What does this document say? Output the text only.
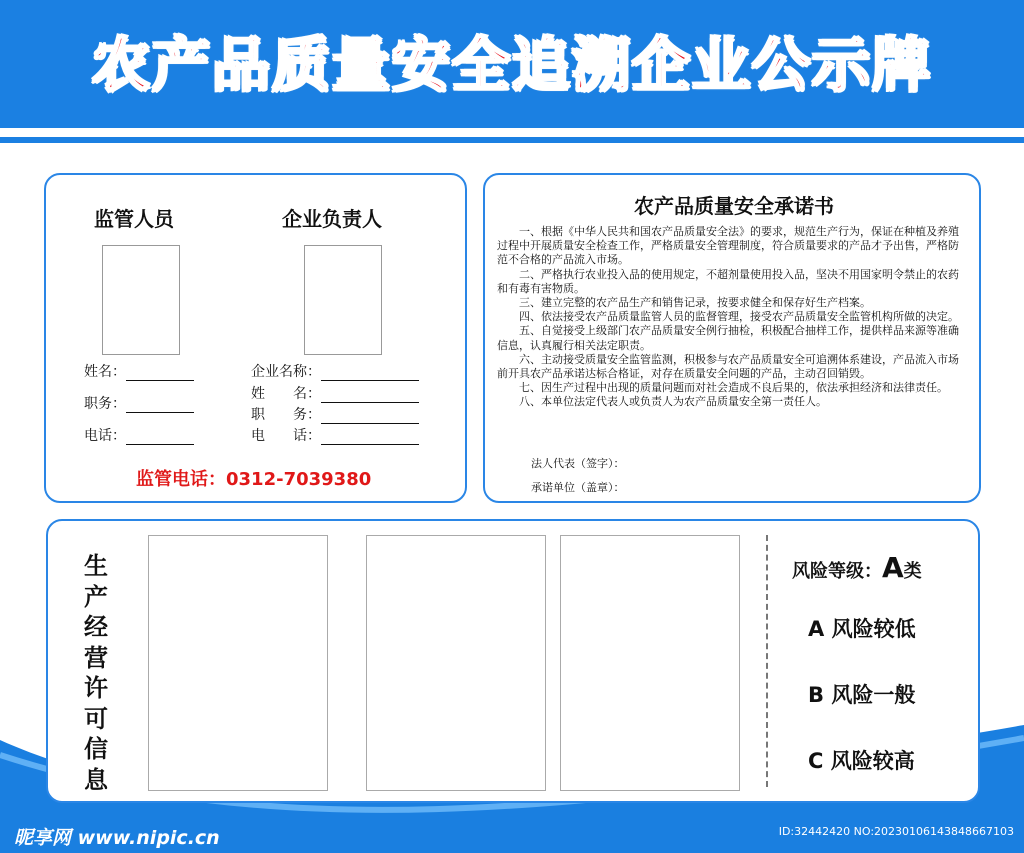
农产品质量安全追溯企业公示牌
监管人员	企业负责人
姓名：
职务：
电话：
企业名称：
姓　　名：
职　　务：
电　　话：
监管电话：0312-7039380
农产品质量安全承诺书

一、根据《中华人民共和国农产品质量安全法》的要求，规范生产行为，保证在种植及养殖过程中开展质量安全检查工作，严格质量安全管理制度，符合质量要求的产品才予出售，严格防范不合格的产品流入市场。

二、严格执行农业投入品的使用规定，不超剂量使用投入品，坚决不用国家明令禁止的农药和有毒有害物质。

三、建立完整的农产品生产和销售记录，按要求健全和保存好生产档案。

四、依法接受农产品质量监管人员的监督管理，接受农产品质量安全监管机构所做的决定。

五、自觉接受上级部门农产品质量安全例行抽检，积极配合抽样工作，提供样品来源等准确信息，认真履行相关法定职责。

六、主动接受质量安全监管监测，积极参与农产品质量安全可追溯体系建设，产品流入市场前开具农产品承诺达标合格证，对存在质量安全问题的产品，主动召回销毁。

七、因生产过程中出现的质量问题而对社会造成不良后果的，依法承担经济和法律责任。

八、本单位法定代表人或负责人为农产品质量安全第一责任人。

法人代表（签字）：
承诺单位（盖章）：
生产经营许可信息
风险等级：A类
A 风险较低
B 风险一般
C 风险较高
昵享网 www.nipic.cn	ID:32442420 NO:20230106143848667103
